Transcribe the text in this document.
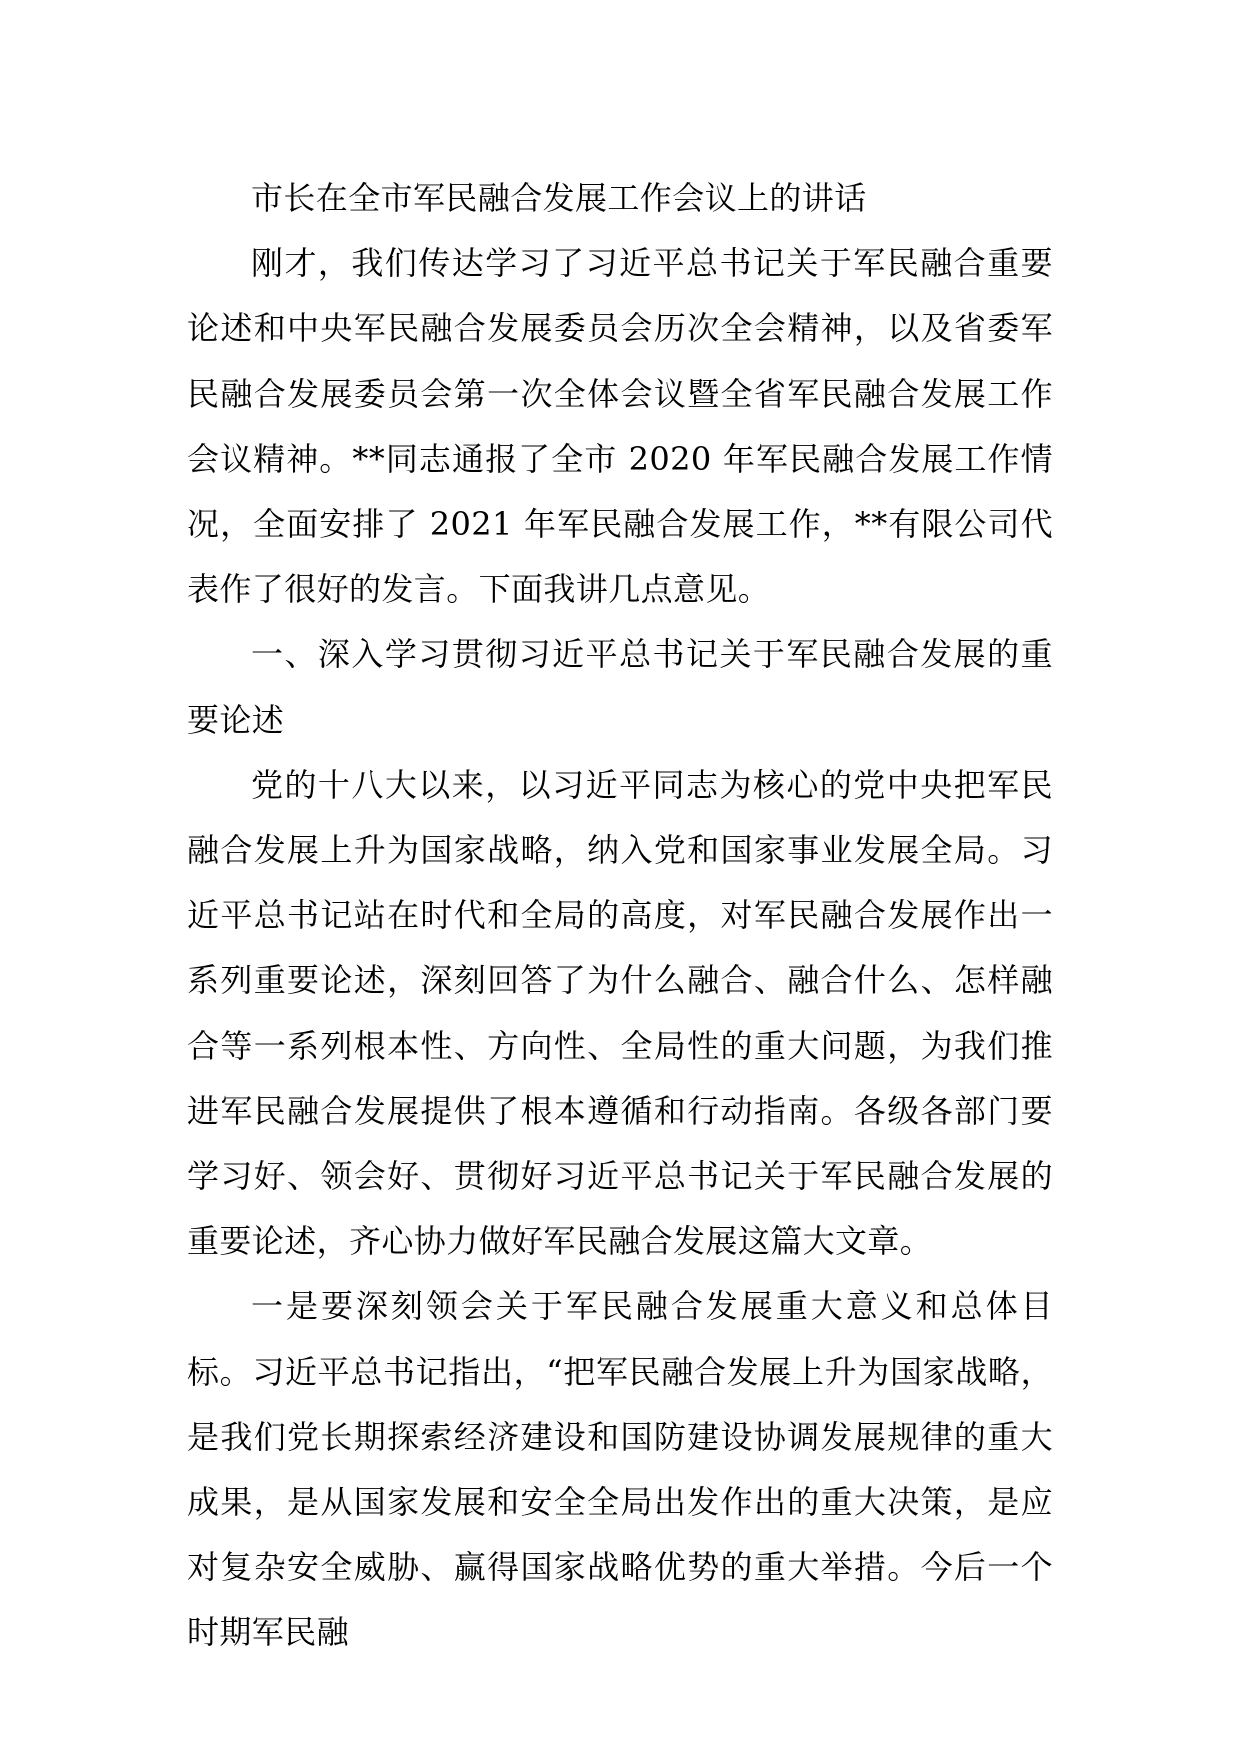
市长在全市军民融合发展工作会议上的讲话

刚才，我们传达学习了习近平总书记关于军民融合重要论述和中央军民融合发展委员会历次全会精神，以及省委军民融合发展委员会第一次全体会议暨全省军民融合发展工作会议精神。**同志通报了全市 2020 年军民融合发展工作情况，全面安排了 2021 年军民融合发展工作，**有限公司代表作了很好的发言。下面我讲几点意见。

一、深入学习贯彻习近平总书记关于军民融合发展的重要论述

党的十八大以来，以习近平同志为核心的党中央把军民融合发展上升为国家战略，纳入党和国家事业发展全局。习近平总书记站在时代和全局的高度，对军民融合发展作出一系列重要论述，深刻回答了为什么融合、融合什么、怎样融合等一系列根本性、方向性、全局性的重大问题，为我们推进军民融合发展提供了根本遵循和行动指南。各级各部门要学习好、领会好、贯彻好习近平总书记关于军民融合发展的重要论述，齐心协力做好军民融合发展这篇大文章。

一是要深刻领会关于军民融合发展重大意义和总体目标。习近平总书记指出，“把军民融合发展上升为国家战略，是我们党长期探索经济建设和国防建设协调发展规律的重大成果，是从国家发展和安全全局出发作出的重大决策，是应对复杂安全威胁、赢得国家战略优势的重大举措。今后一个时期军民融
